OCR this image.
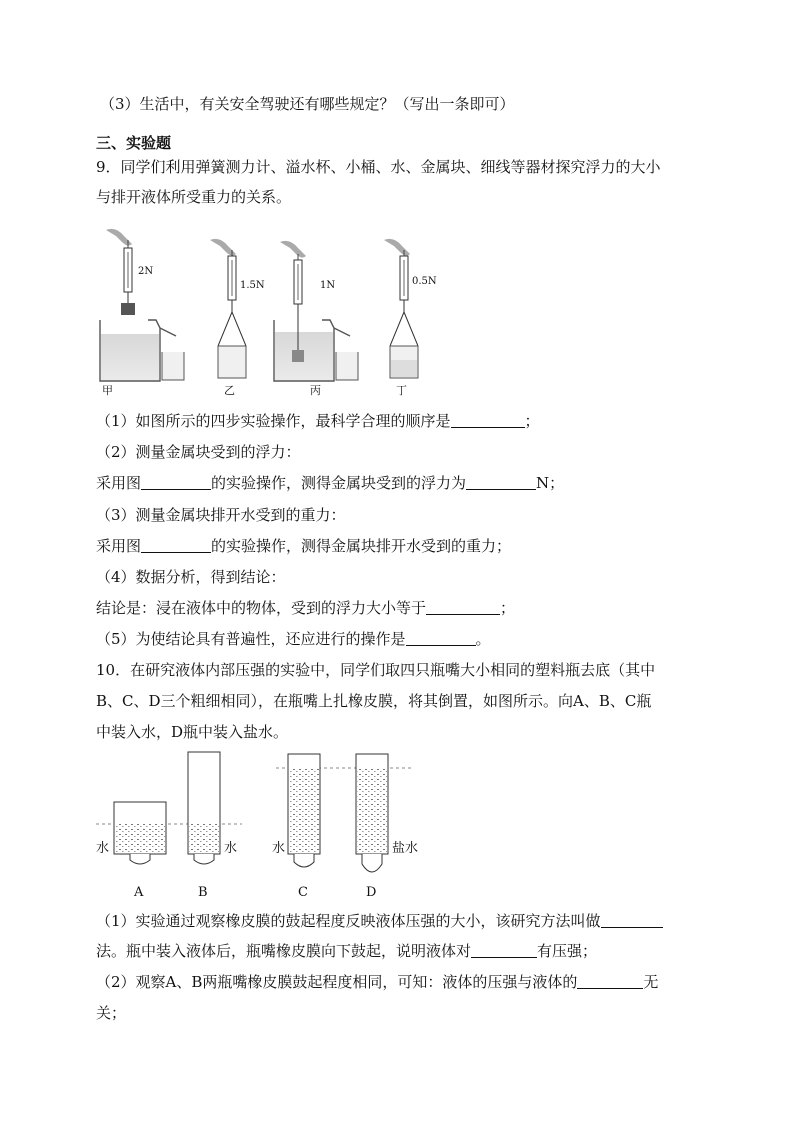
（3）生活中，有关安全驾驶还有哪些规定？（写出一条即可）
三、实验题
9．同学们利用弹簧测力计、溢水杯、小桶、水、金属块、细线等器材探究浮力的大小
与排开液体所受重力的关系。
2N
甲
1.5N
乙
1N
丙
0.5N
丁
（1）如图所示的四步实验操作，最科学合理的顺序是	；
（2）测量金属块受到的浮力：
采用图	的实验操作，测得金属块受到的浮力为	N；
（3）测量金属块排开水受到的重力：
采用图	的实验操作，测得金属块排开水受到的重力；
（4）数据分析，得到结论：
结论是：浸在液体中的物体，受到的浮力大小等于	；
（5）为使结论具有普遍性，还应进行的操作是	。
10．在研究液体内部压强的实验中，同学们取四只瓶嘴大小相同的塑料瓶去底（其中
B、C、D三个粗细相同），在瓶嘴上扎橡皮膜，将其倒置，如图所示。向A、B、C瓶
中装入水，D瓶中装入盐水。
水
A
水
B
水
C
盐水
D
（1）实验通过观察橡皮膜的鼓起程度反映液体压强的大小，该研究方法叫做
法。瓶中装入液体后，瓶嘴橡皮膜向下鼓起，说明液体对	有压强；
（2）观察A、B两瓶嘴橡皮膜鼓起程度相同，可知：液体的压强与液体的	无
关；
